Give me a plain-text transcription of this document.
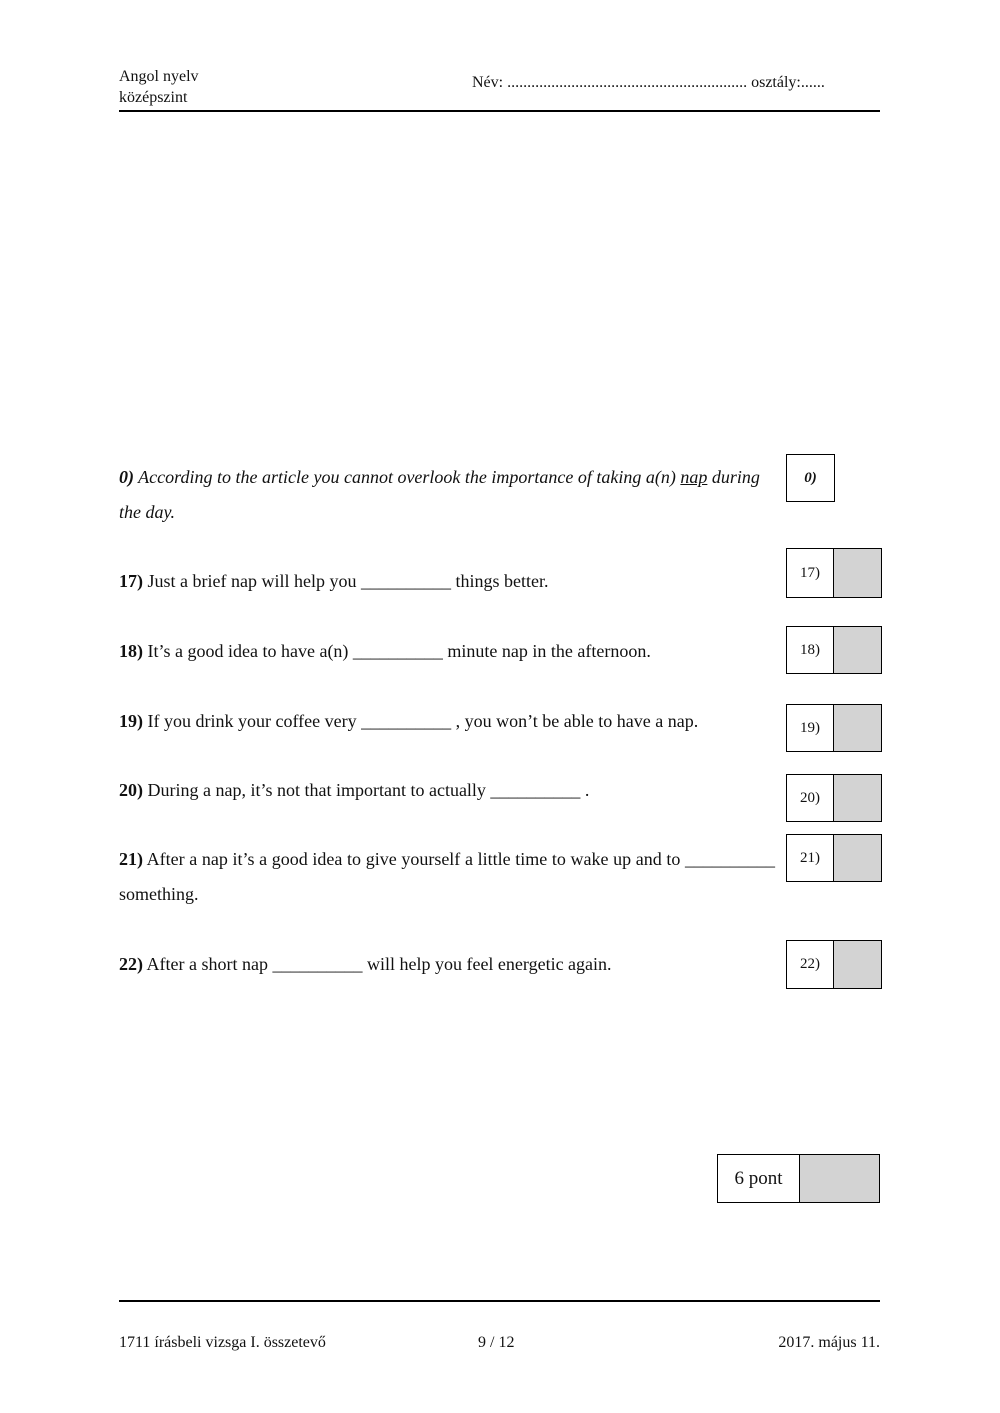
Angol nyelv
középszint
Név: ............................................................ osztály:......
0) According to the article you cannot overlook the importance of taking a(n) nap during the day.
0)
17) Just a brief nap will help you __________ things better.	17)
18) It’s a good idea to have a(n) __________ minute nap in the afternoon.	18)
19) If you drink your coffee very __________ , you won’t be able to have a nap.	19)
20) During a nap, it’s not that important to actually __________ .	20)
21) After a nap it’s a good idea to give yourself a little time to wake up and to __________ something.
21)
22) After a short nap __________ will help you feel energetic again.	22)
6 pont
1711 írásbeli vizsga I. összetevő	9 / 12	2017. május 11.
